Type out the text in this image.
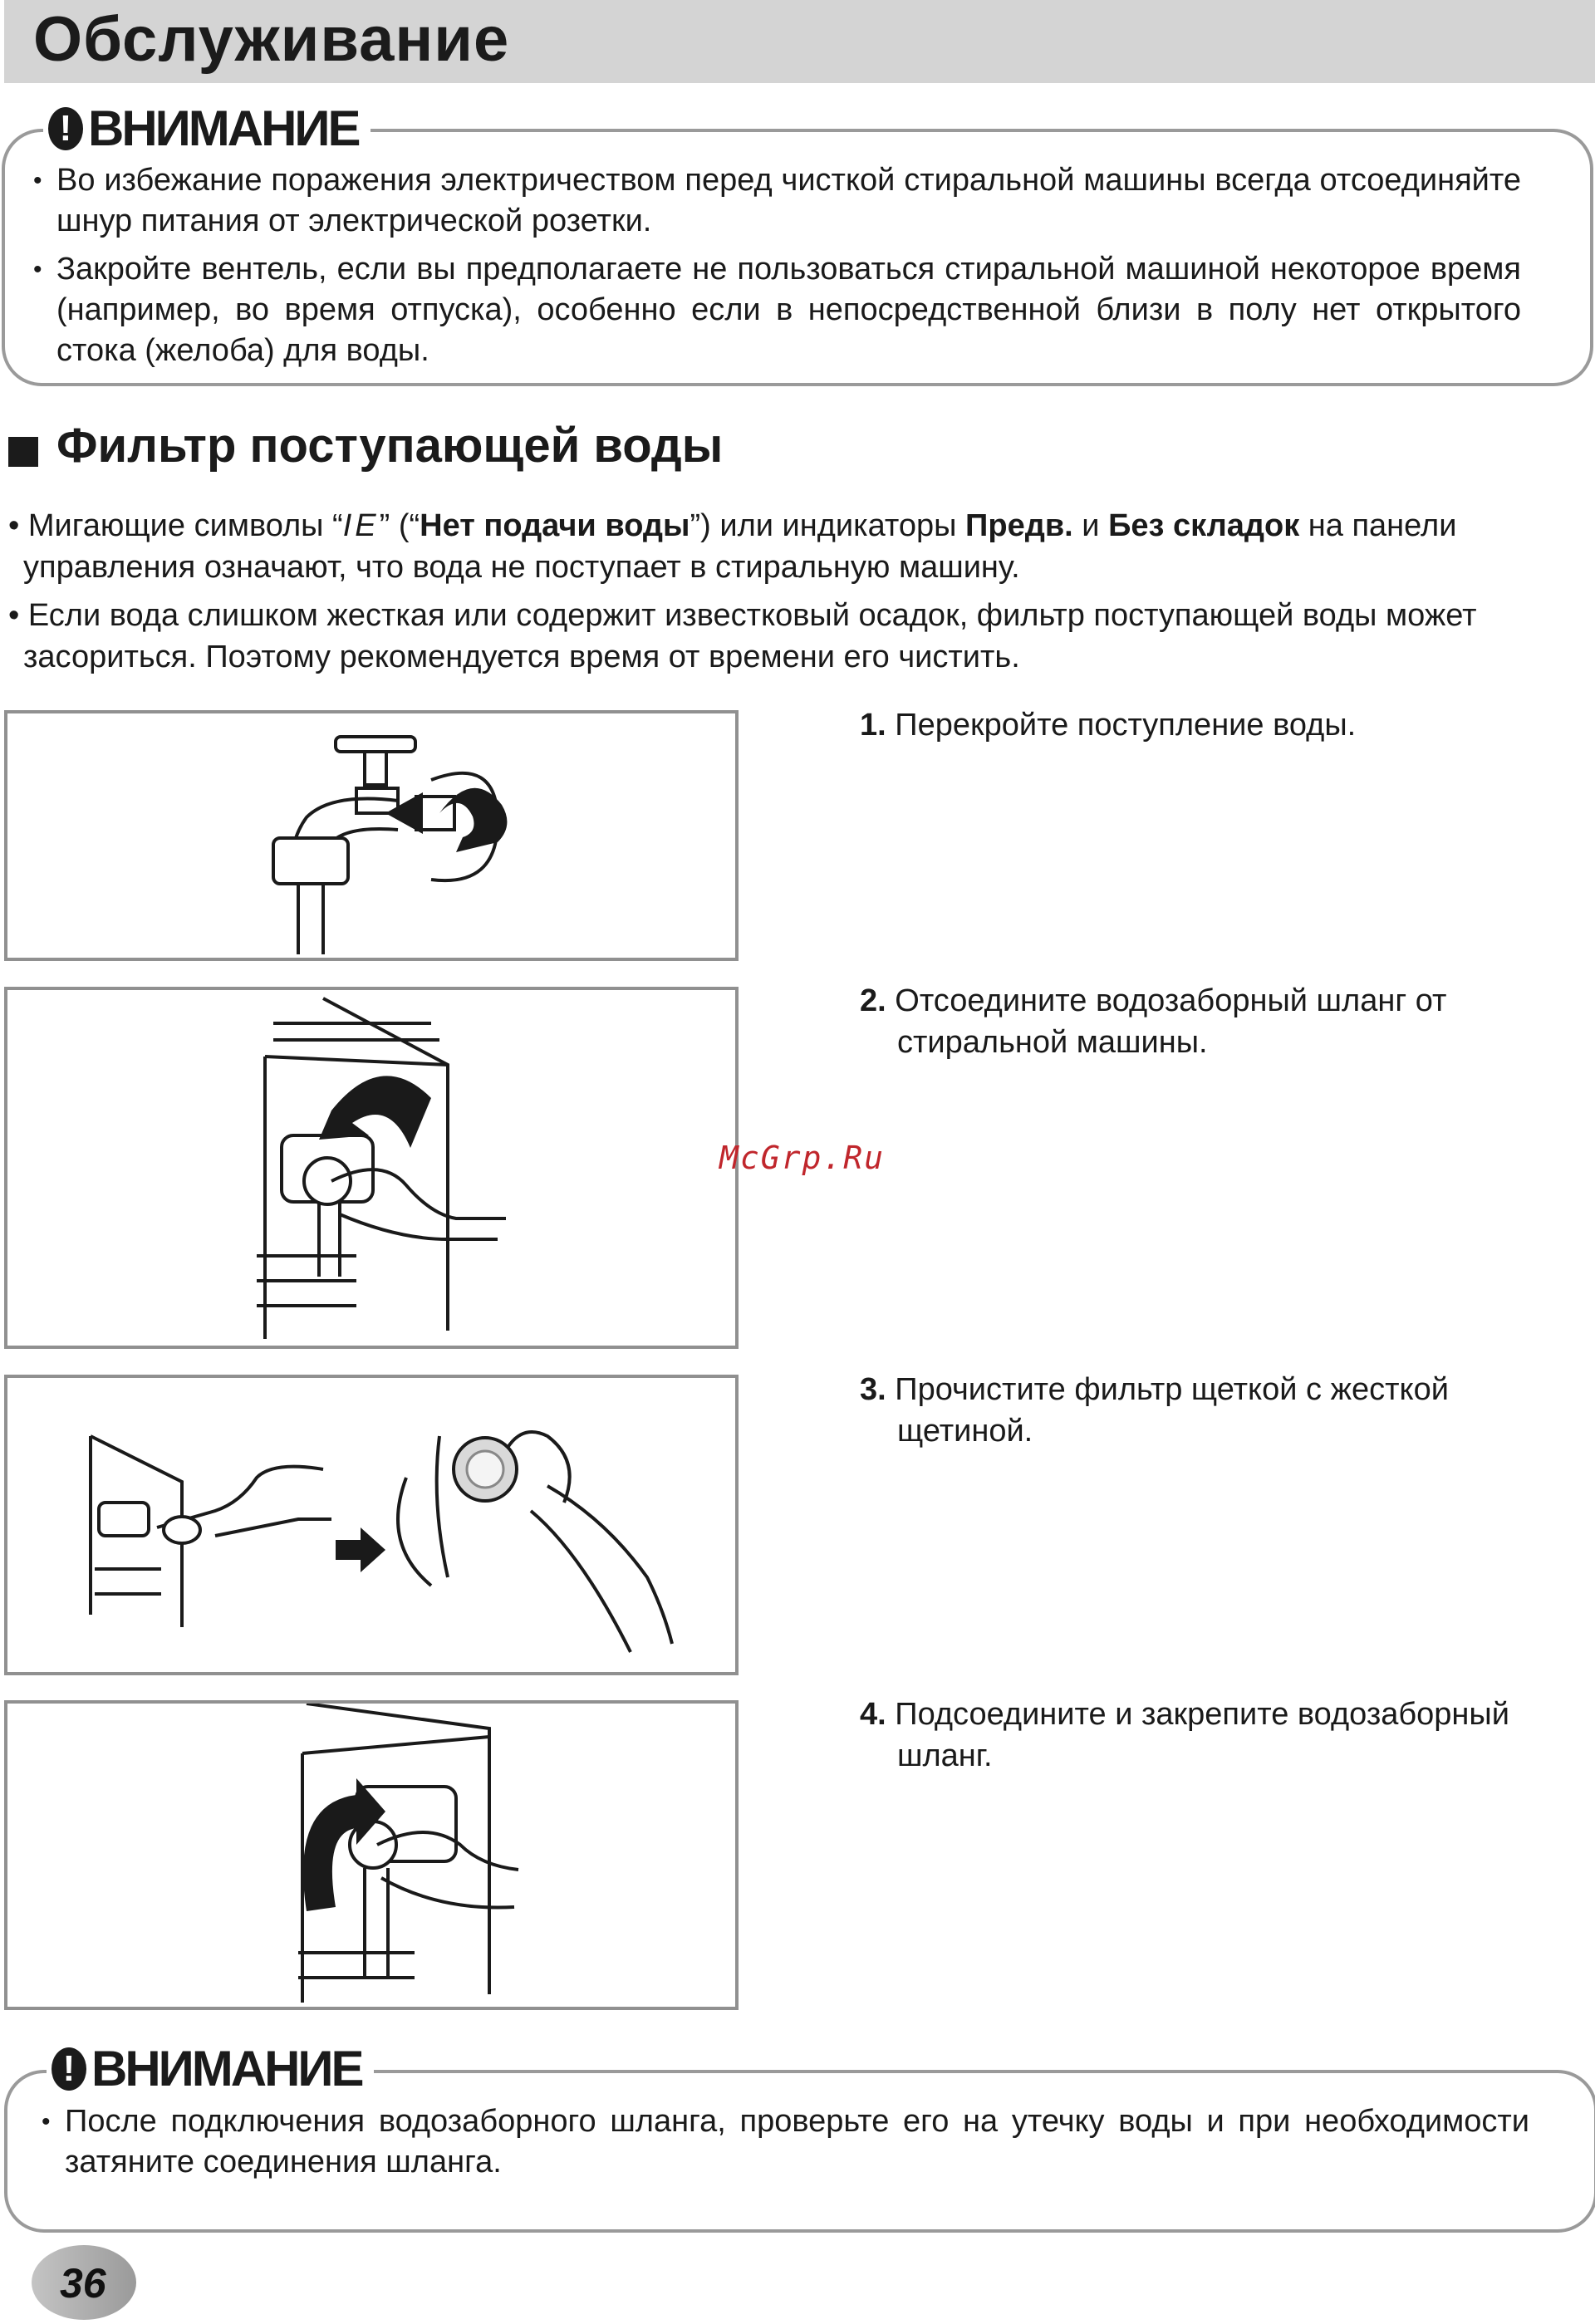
Обслуживание
! ВНИМАНИЕ
• Во избежание поражения электричеством перед чисткой стиральной машины всегда отсоединяйте шнур питания от электрической розетки.
• Закройте вентель, если вы предполагаете не пользоваться стиральной машиной некоторое время (например, во время отпуска), особенно если в непосредственной близи в полу нет открытого стока (желоба) для воды.
Фильтр поступающей воды
• Мигающие символы “IE” (“Нет подачи воды”) или индикаторы Предв. и Без складок на панели
управления означают, что вода не поступает в стиральную машину.
• Если вода слишком жесткая или содержит известковый осадок, фильтр поступающей воды может
засориться. Поэтому рекомендуется время от времени его чистить.
1. Перекройте поступление воды.
2. Отсоедините водозаборный шланг от
стиральной машины.
McGrp.Ru
3. Прочистите фильтр щеткой с жесткой
щетиной.
4. Подсоедините и закрепите водозаборный
шланг.
! ВНИМАНИЕ
• После подключения водозаборного шланга, проверьте его на утечку воды и при необходимости затяните соединения шланга.
36
